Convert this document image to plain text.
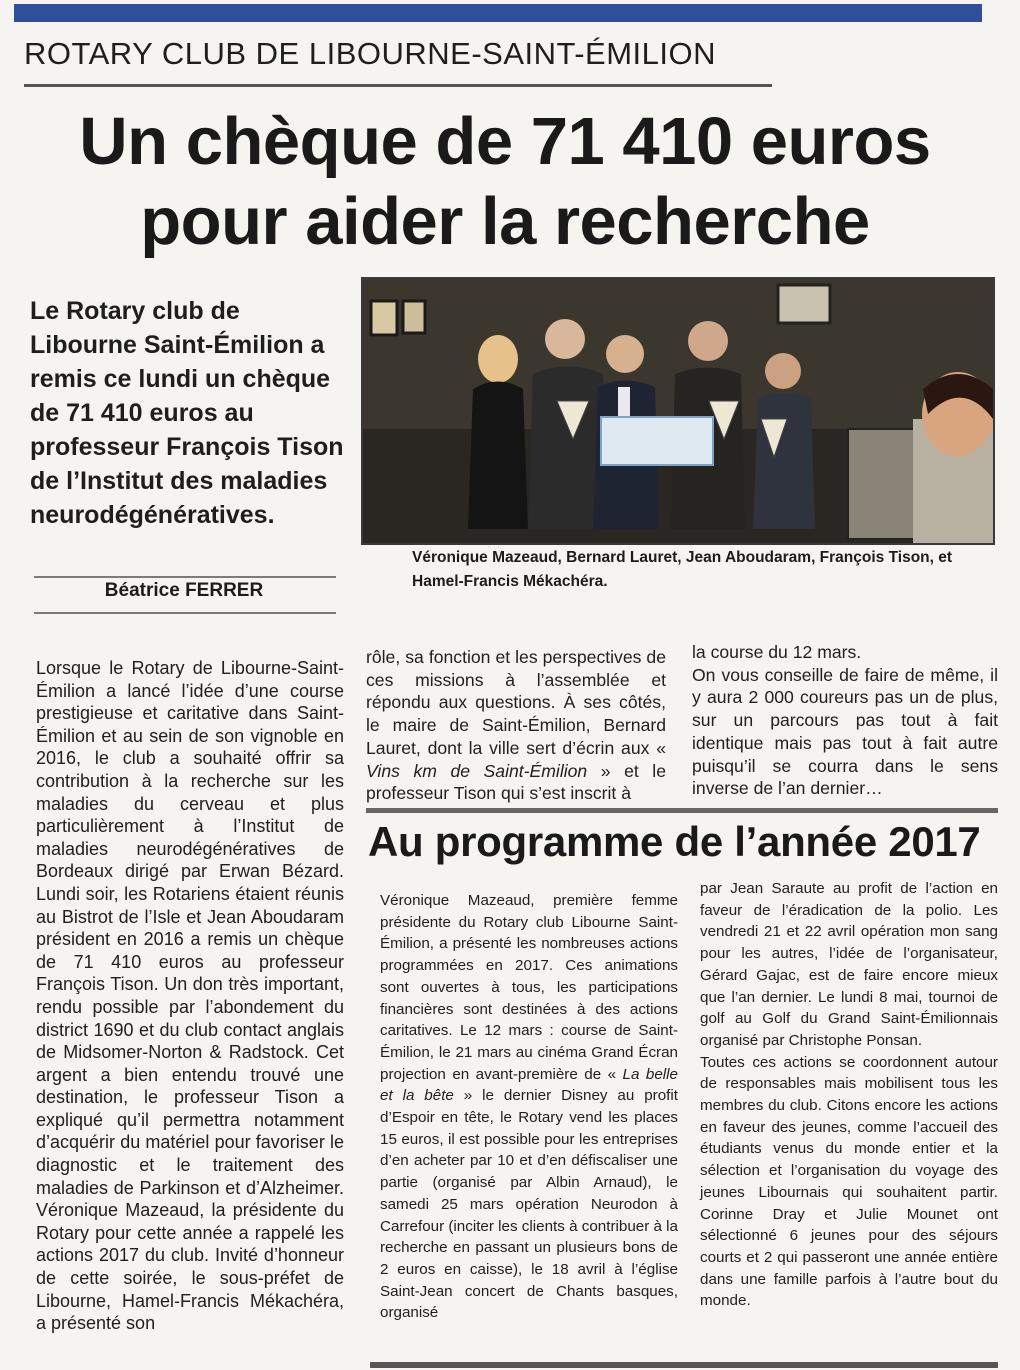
ROTARY CLUB DE LIBOURNE-SAINT-ÉMILION
Un chèque de 71 410 euros
pour aider la recherche
Le Rotary club de Libourne Saint-Émilion a remis ce lundi un chèque de 71 410 euros au professeur François Tison de l’Institut des maladies neurodégénératives.
Béatrice FERRER
Véronique Mazeaud, Bernard Lauret, Jean Aboudaram, François Tison, et Hamel-Francis Mékachéra.
Lorsque le Rotary de Libourne-Saint-Émilion a lancé l’idée d’une course prestigieuse et caritative dans Saint-Émilion et au sein de son vignoble en 2016, le club a souhaité offrir sa contribution à la recherche sur les maladies du cerveau et plus particulièrement à l’Institut de maladies neurodégénératives de Bordeaux dirigé par Erwan Bézard. Lundi soir, les Rotariens étaient réunis au Bistrot de l’Isle et Jean Aboudaram président en 2016 a remis un chèque de 71 410 euros au professeur François Tison. Un don très important, rendu possible par l’abondement du district 1690 et du club contact anglais de Midsomer-Norton & Radstock. Cet argent a bien entendu trouvé une destination, le professeur Tison a expliqué qu’il permettra notamment d’acquérir du matériel pour favoriser le diagnostic et le traitement des maladies de Parkinson et d’Alzheimer. Véronique Mazeaud, la présidente du Rotary pour cette année a rappelé les actions 2017 du club. Invité d’honneur de cette soirée, le sous-préfet de Libourne, Hamel-Francis Mékachéra, a présenté son
rôle, sa fonction et les perspectives de ces missions à l’assemblée et répondu aux questions. À ses côtés, le maire de Saint-Émilion, Bernard Lauret, dont la ville sert d’écrin aux « Vins km de Saint-Émilion » et le professeur Tison qui s’est inscrit à
la course du 12 mars.
On vous conseille de faire de même, il y aura 2 000 coureurs pas un de plus, sur un parcours pas tout à fait identique mais pas tout à fait autre puisqu’il se courra dans le sens inverse de l’an dernier…
Au programme de l’année 2017
Véronique Mazeaud, première femme présidente du Rotary club Libourne Saint-Émilion, a présenté les nombreuses actions programmées en 2017. Ces animations sont ouvertes à tous, les participations financières sont destinées à des actions caritatives. Le 12 mars : course de Saint-Émilion, le 21 mars au cinéma Grand Écran projection en avant-première de « La belle et la bête » le dernier Disney au profit d’Espoir en tête, le Rotary vend les places 15 euros, il est possible pour les entreprises d’en acheter par 10 et d’en défiscaliser une partie (organisé par Albin Arnaud), le samedi 25 mars opération Neurodon à Carrefour (inciter les clients à contribuer à la recherche en passant un plusieurs bons de 2 euros en caisse), le 18 avril à l’église Saint-Jean concert de Chants basques, organisé
par Jean Saraute au profit de l’action en faveur de l’éradication de la polio. Les vendredi 21 et 22 avril opération mon sang pour les autres, l’idée de l’organisateur, Gérard Gajac, est de faire encore mieux que l’an dernier. Le lundi 8 mai, tournoi de golf au Golf du Grand Saint-Émilionnais organisé par Christophe Ponsan.
Toutes ces actions se coordonnent autour de responsables mais mobilisent tous les membres du club. Citons encore les actions en faveur des jeunes, comme l’accueil des étudiants venus du monde entier et la sélection et l’organisation du voyage des jeunes Libournais qui souhaitent partir. Corinne Dray et Julie Mounet ont sélectionné 6 jeunes pour des séjours courts et 2 qui passeront une année entière dans une famille parfois à l’autre bout du monde.
